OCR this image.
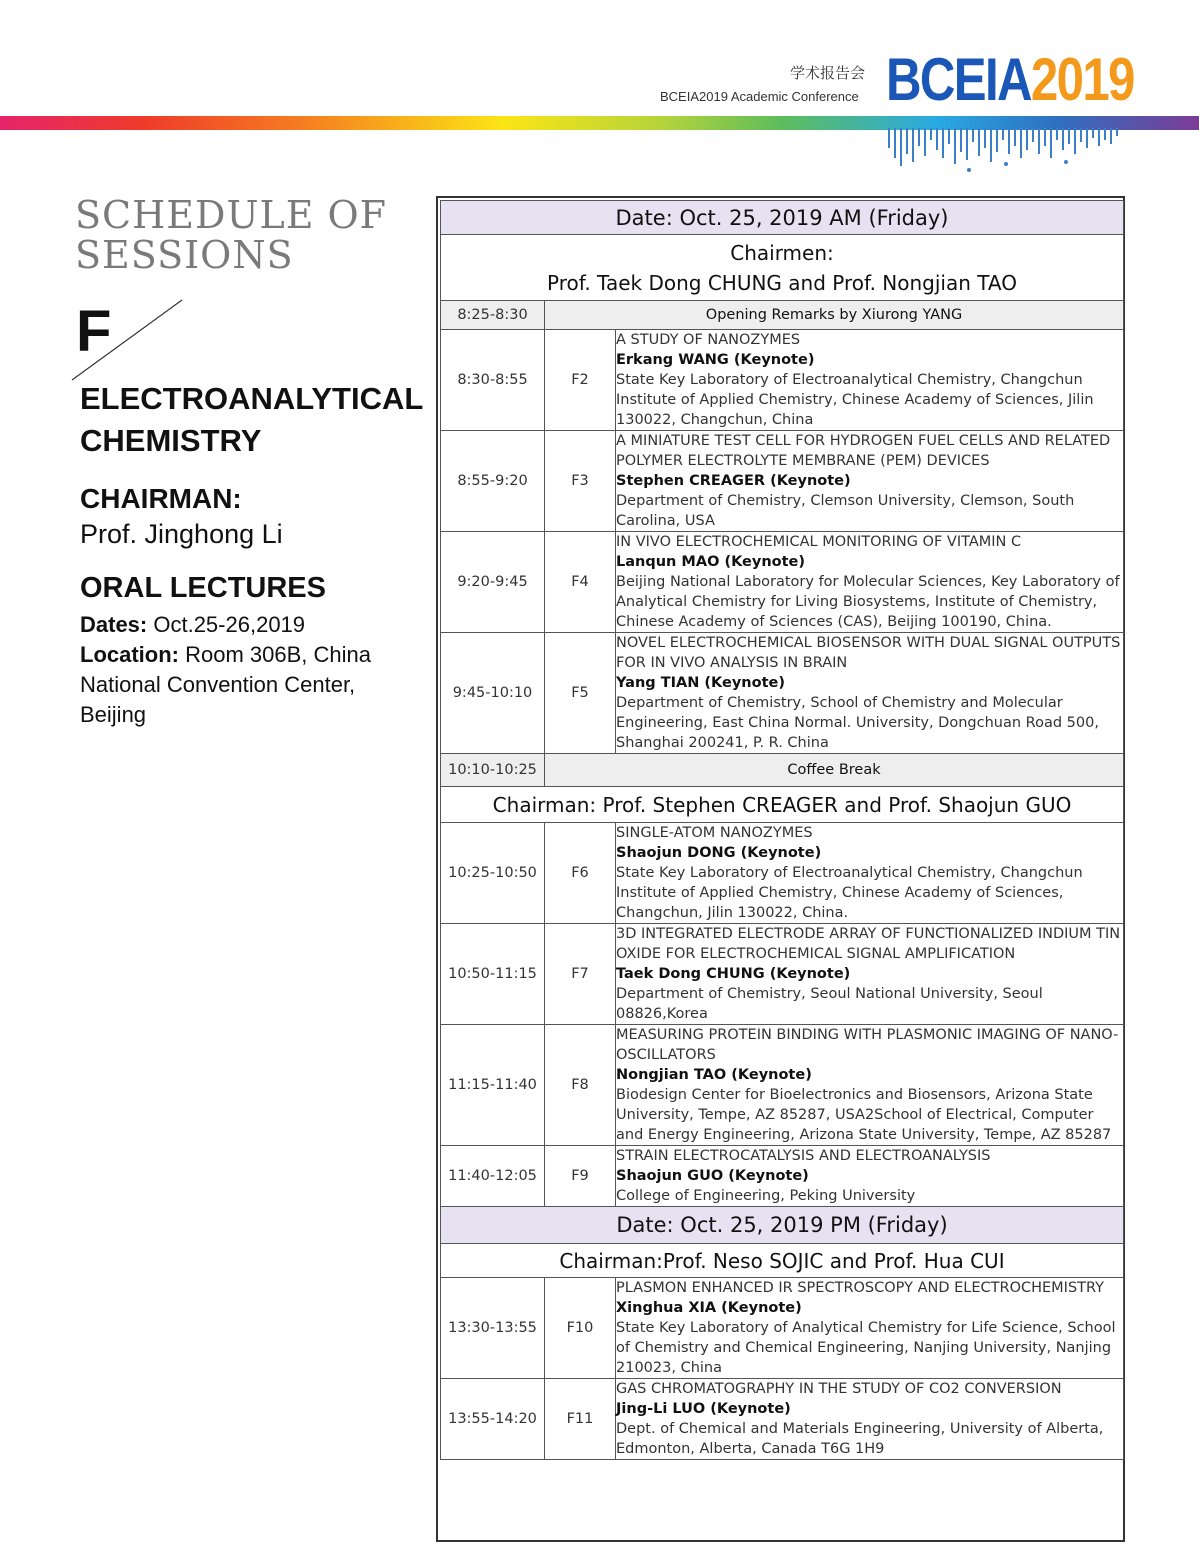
学术报告会
BCEIA2019 Academic Conference BCEIA2019
SCHEDULE OF
SESSIONS
F
ELECTROANALYTICAL
CHEMISTRY
CHAIRMAN:
Prof. Jinghong Li
ORAL LECTURES
Dates: Oct.25-26,2019
Location: Room 306B, China National Convention Center, Beijing
Date: Oct. 25, 2019 AM (Friday)		

Chairmen:
Prof. Taek Dong CHUNG and Prof. Nongjian TAO		

8:25-8:30	Opening Remarks by Xiurong YANG	
8:30-8:55	F2	A STUDY OF NANOZYMES
Erkang WANG (Keynote)
State Key Laboratory of Electroanalytical Chemistry, Changchun Institute of Applied Chemistry, Chinese Academy of Sciences, Jilin 130022, Changchun, China

8:55-9:20	F3	A MINIATURE TEST CELL FOR HYDROGEN FUEL CELLS AND RELATED POLYMER ELECTROLYTE MEMBRANE (PEM) DEVICES
Stephen CREAGER (Keynote)
Department of Chemistry, Clemson University, Clemson, South Carolina, USA

9:20-9:45	F4	IN VIVO ELECTROCHEMICAL MONITORING OF VITAMIN C
Lanqun MAO (Keynote)
Beijing National Laboratory for Molecular Sciences, Key Laboratory of Analytical Chemistry for Living Biosystems, Institute of Chemistry, Chinese Academy of Sciences (CAS), Beijing 100190, China.

9:45-10:10	F5	NOVEL ELECTROCHEMICAL BIOSENSOR WITH DUAL SIGNAL OUTPUTS FOR IN VIVO ANALYSIS IN BRAIN
Yang TIAN (Keynote)
Department of Chemistry, School of Chemistry and Molecular Engineering, East China Normal. University, Dongchuan Road 500, Shanghai 200241, P. R. China

10:10-10:25	Coffee Break	
Chairman: Prof. Stephen CREAGER and Prof. Shaojun GUO		
10:25-10:50	F6	SINGLE-ATOM NANOZYMES
Shaojun DONG (Keynote)
State Key Laboratory of Electroanalytical Chemistry, Changchun Institute of Applied Chemistry, Chinese Academy of Sciences, Changchun, Jilin 130022, China.

10:50-11:15	F7	3D INTEGRATED ELECTRODE ARRAY OF FUNCTIONALIZED INDIUM TIN OXIDE FOR ELECTROCHEMICAL SIGNAL AMPLIFICATION
Taek Dong CHUNG (Keynote)
Department of Chemistry, Seoul National University, Seoul 08826,Korea

11:15-11:40	F8	MEASURING PROTEIN BINDING WITH PLASMONIC IMAGING OF NANO-OSCILLATORS
Nongjian TAO (Keynote)
Biodesign Center for Bioelectronics and Biosensors, Arizona State University, Tempe, AZ 85287, USA2School of Electrical, Computer and Energy Engineering, Arizona State University, Tempe, AZ 85287

11:40-12:05	F9	STRAIN ELECTROCATALYSIS AND ELECTROANALYSIS
Shaojun GUO (Keynote)
College of Engineering, Peking University

Date: Oct. 25, 2019 PM (Friday)		
Chairman:Prof. Neso SOJIC and Prof. Hua CUI		
13:30-13:55	F10	PLASMON ENHANCED IR SPECTROSCOPY AND ELECTROCHEMISTRY
Xinghua XIA (Keynote)
State Key Laboratory of Analytical Chemistry for Life Science, School of Chemistry and Chemical Engineering, Nanjing University, Nanjing 210023, China

13:55-14:20	F11	GAS CHROMATOGRAPHY IN THE STUDY OF CO2 CONVERSION
Jing-Li LUO (Keynote)
Dept. of Chemical and Materials Engineering, University of Alberta, Edmonton, Alberta, Canada T6G 1H9
